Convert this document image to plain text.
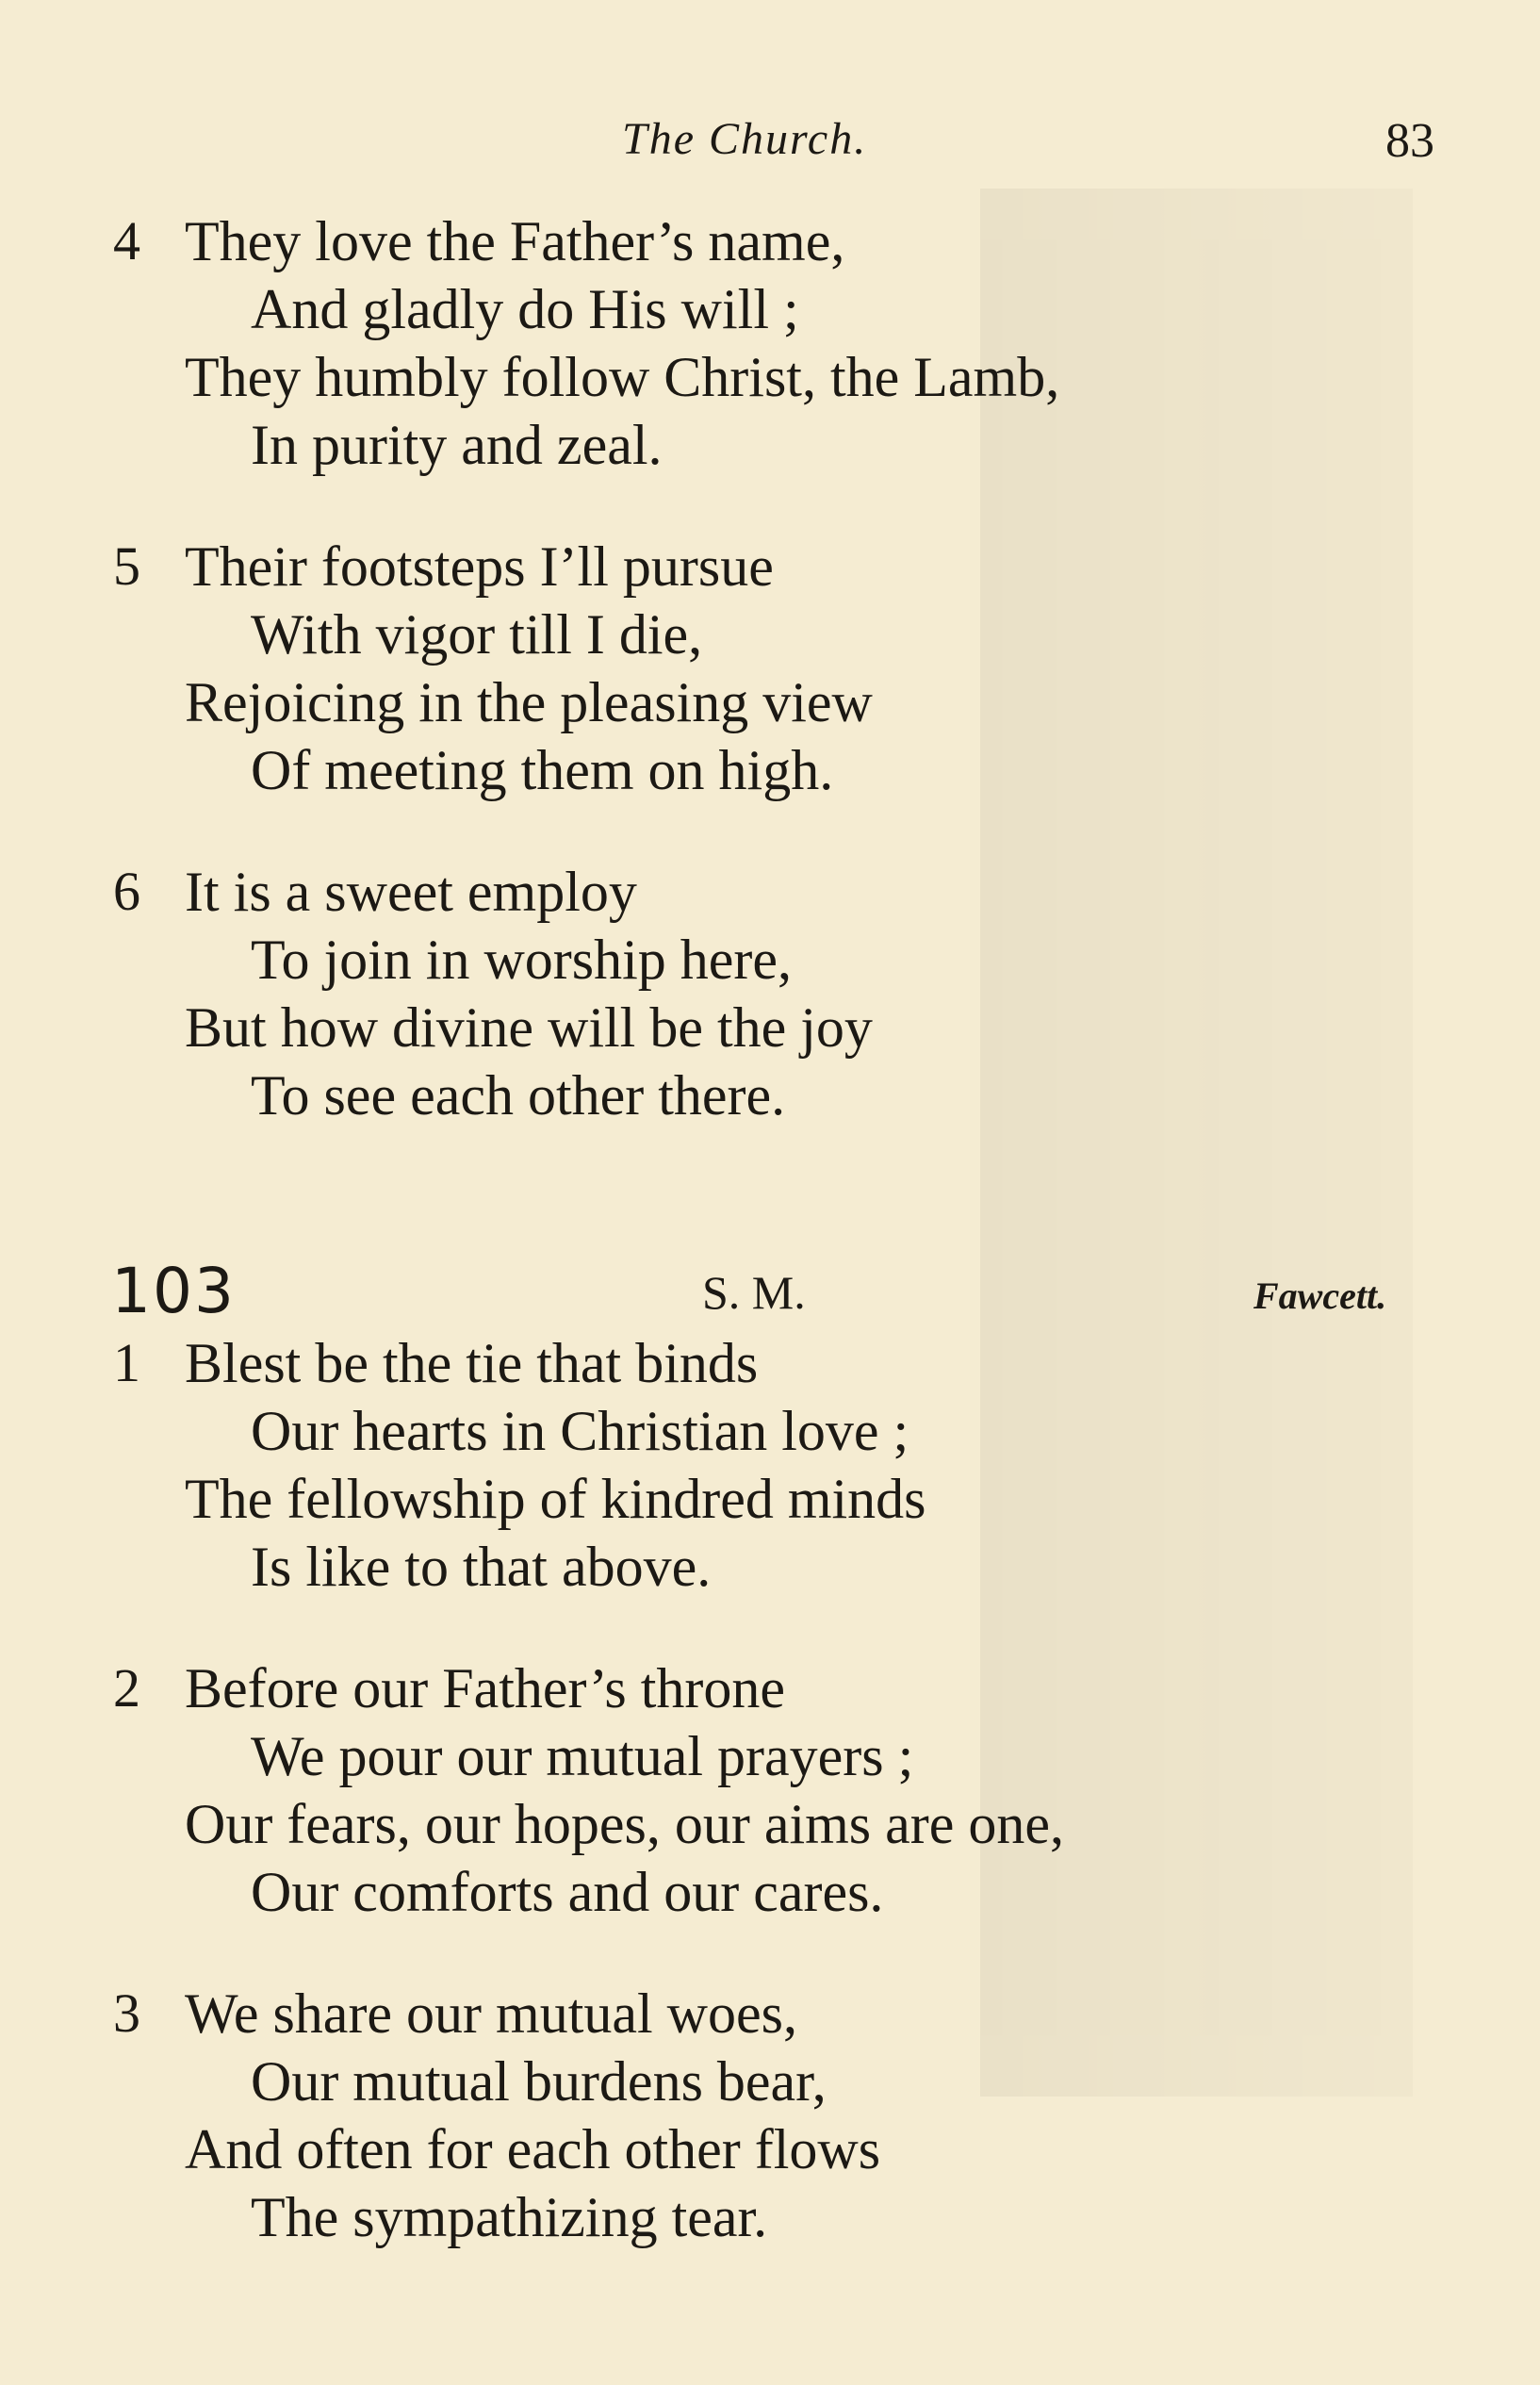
The Church.	83
4 They love the Father’s name,
And gladly do His will ;
They humbly follow Christ, the Lamb,
In purity and zeal.
5 Their footsteps I’ll pursue
With vigor till I die,
Rejoicing in the pleasing view
Of meeting them on high.
6 It is a sweet employ
To join in worship here,
But how divine will be the joy
To see each other there.
103	S. M.	Fawcett.
1 Blest be the tie that binds
Our hearts in Christian love ;
The fellowship of kindred minds
Is like to that above.
2 Before our Father’s throne
We pour our mutual prayers ;
Our fears, our hopes, our aims are one,
Our comforts and our cares.
3 We share our mutual woes,
Our mutual burdens bear,
And often for each other flows
The sympathizing tear.
